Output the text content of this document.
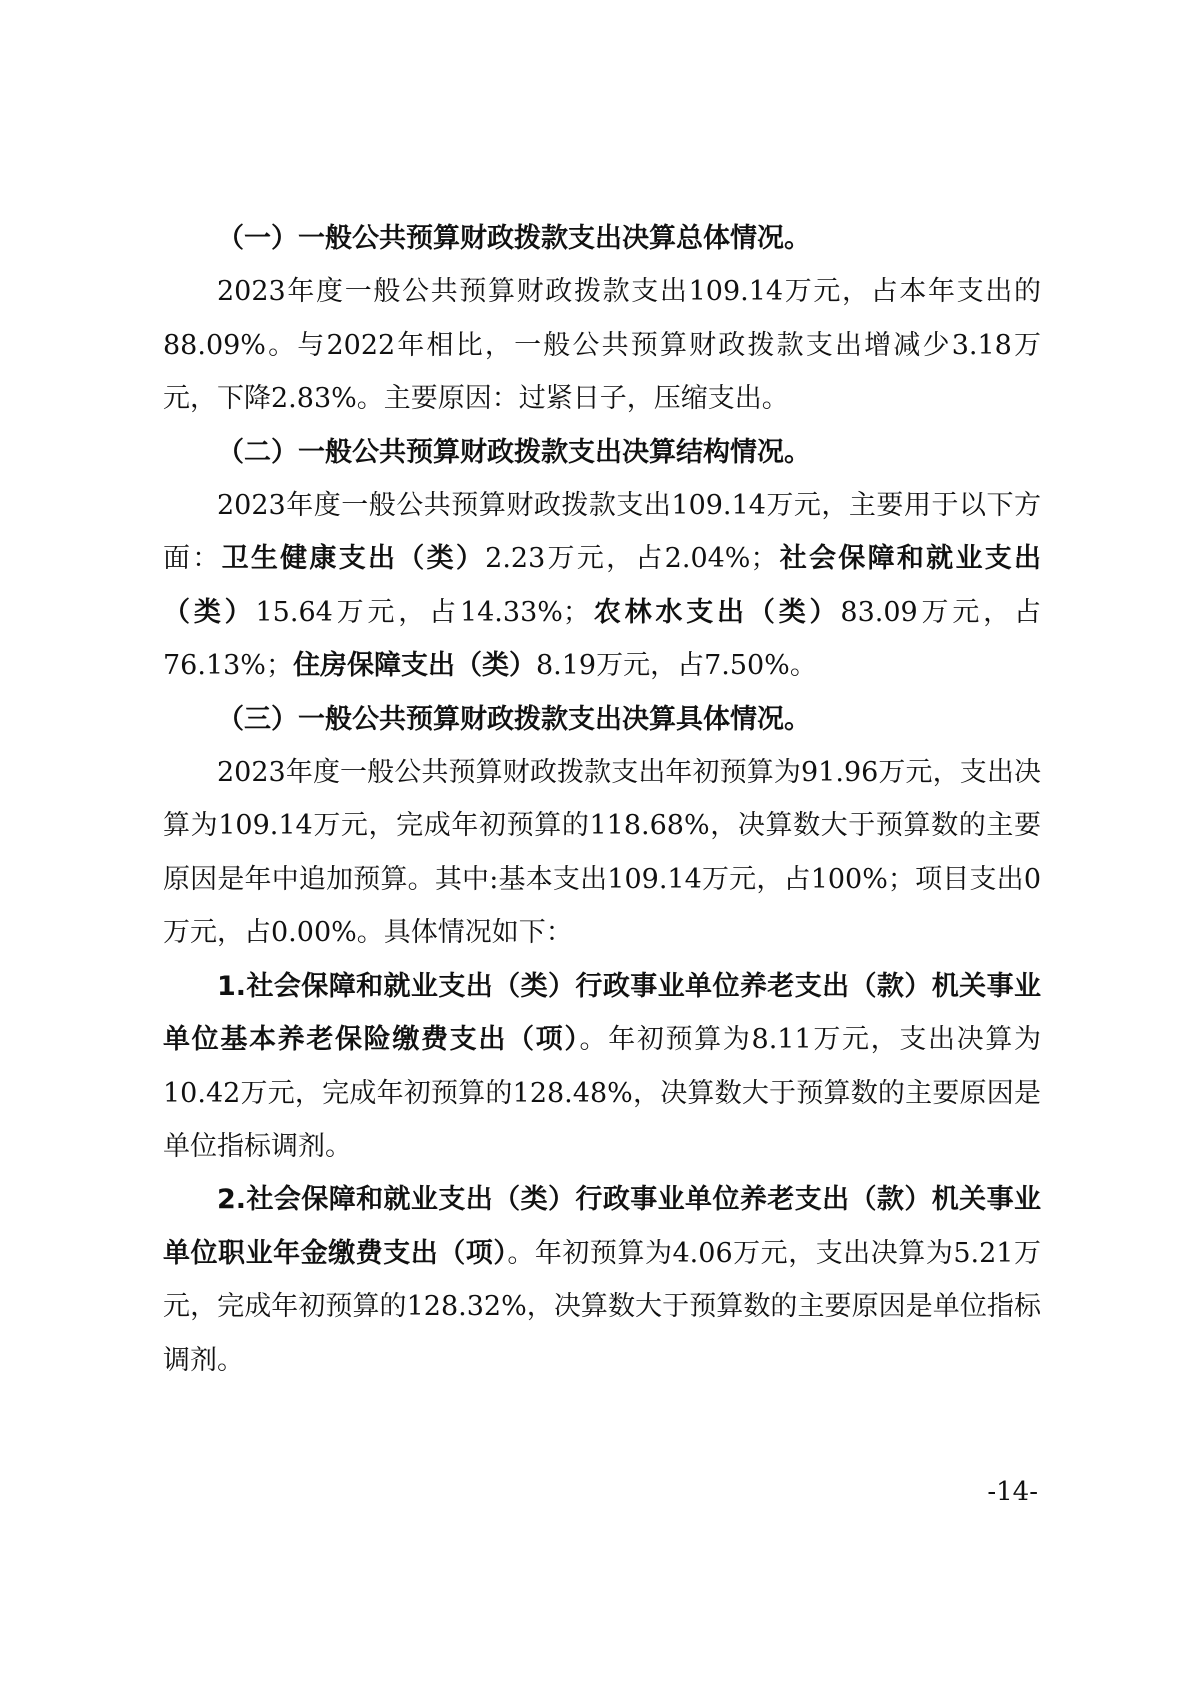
（一）一般公共预算财政拨款支出决算总体情况。

2023年度一般公共预算财政拨款支出109.14万元，占本年支出的88.09%。与2022年相比，一般公共预算财政拨款支出增减少3.18万元，下降2.83%。主要原因：过紧日子，压缩支出。

（二）一般公共预算财政拨款支出决算结构情况。

2023年度一般公共预算财政拨款支出109.14万元，主要用于以下方面：卫生健康支出（类）2.23万元，占2.04%；社会保障和就业支出（类）15.64万元，占14.33%；农林水支出（类）83.09万元，占76.13%；住房保障支出（类）8.19万元，占7.50%。

（三）一般公共预算财政拨款支出决算具体情况。

2023年度一般公共预算财政拨款支出年初预算为91.96万元，支出决算为109.14万元，完成年初预算的118.68%，决算数大于预算数的主要原因是年中追加预算。其中:基本支出109.14万元，占100%；项目支出0万元，占0.00%。具体情况如下：

1.社会保障和就业支出（类）行政事业单位养老支出（款）机关事业单位基本养老保险缴费支出（项）。年初预算为8.11万元，支出决算为10.42万元，完成年初预算的128.48%，决算数大于预算数的主要原因是单位指标调剂。

2.社会保障和就业支出（类）行政事业单位养老支出（款）机关事业单位职业年金缴费支出（项）。年初预算为4.06万元，支出决算为5.21万元，完成年初预算的128.32%，决算数大于预算数的主要原因是单位指标调剂。

-14-
